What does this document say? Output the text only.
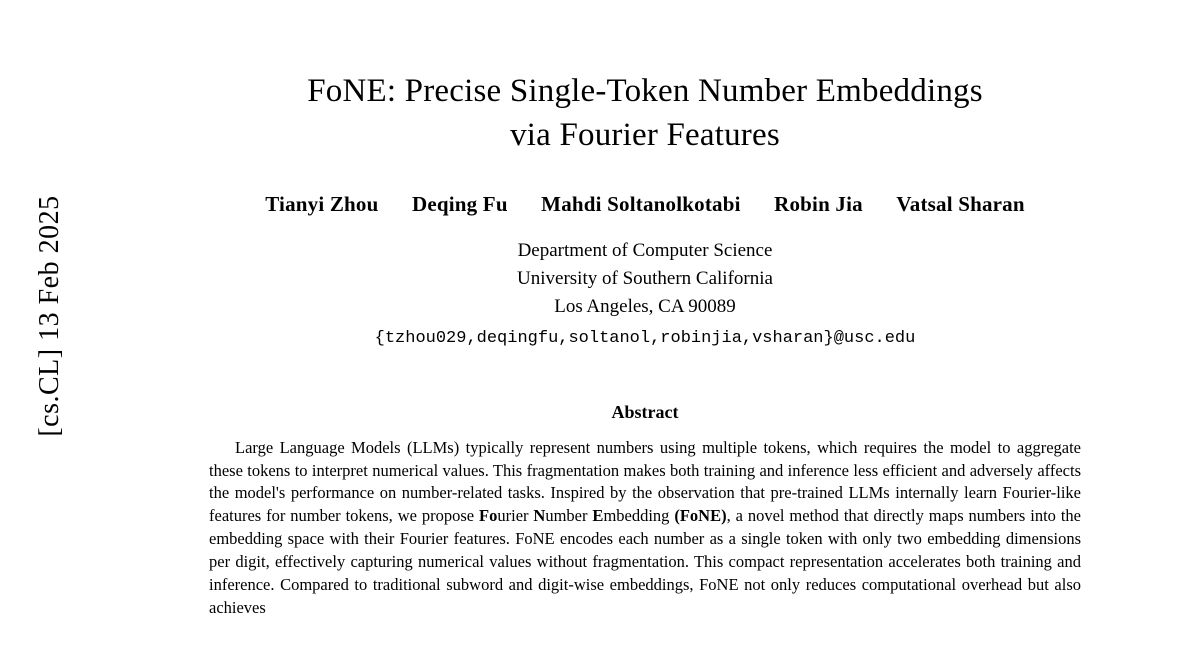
[cs.CL] 13 Feb 2025
FoNE: Precise Single-Token Number Embeddings
via Fourier Features
Tianyi Zhou Deqing Fu Mahdi Soltanolkotabi Robin Jia Vatsal Sharan
Department of Computer Science
University of Southern California
Los Angeles, CA 90089
{tzhou029,deqingfu,soltanol,robinjia,vsharan}@usc.edu
Abstract

Large Language Models (LLMs) typically represent numbers using multiple tokens, which requires the model to aggregate these tokens to interpret numerical values. This fragmentation makes both training and inference less efficient and adversely affects the model's performance on number-related tasks. Inspired by the observation that pre-trained LLMs internally learn Fourier-like features for number tokens, we propose Fourier Number Embedding (FoNE), a novel method that directly maps numbers into the embedding space with their Fourier features. FoNE encodes each number as a single token with only two embedding dimensions per digit, effectively capturing numerical values without fragmentation. This compact representation accelerates both training and inference. Compared to traditional subword and digit-wise embeddings, FoNE not only reduces computational overhead but also achieves
